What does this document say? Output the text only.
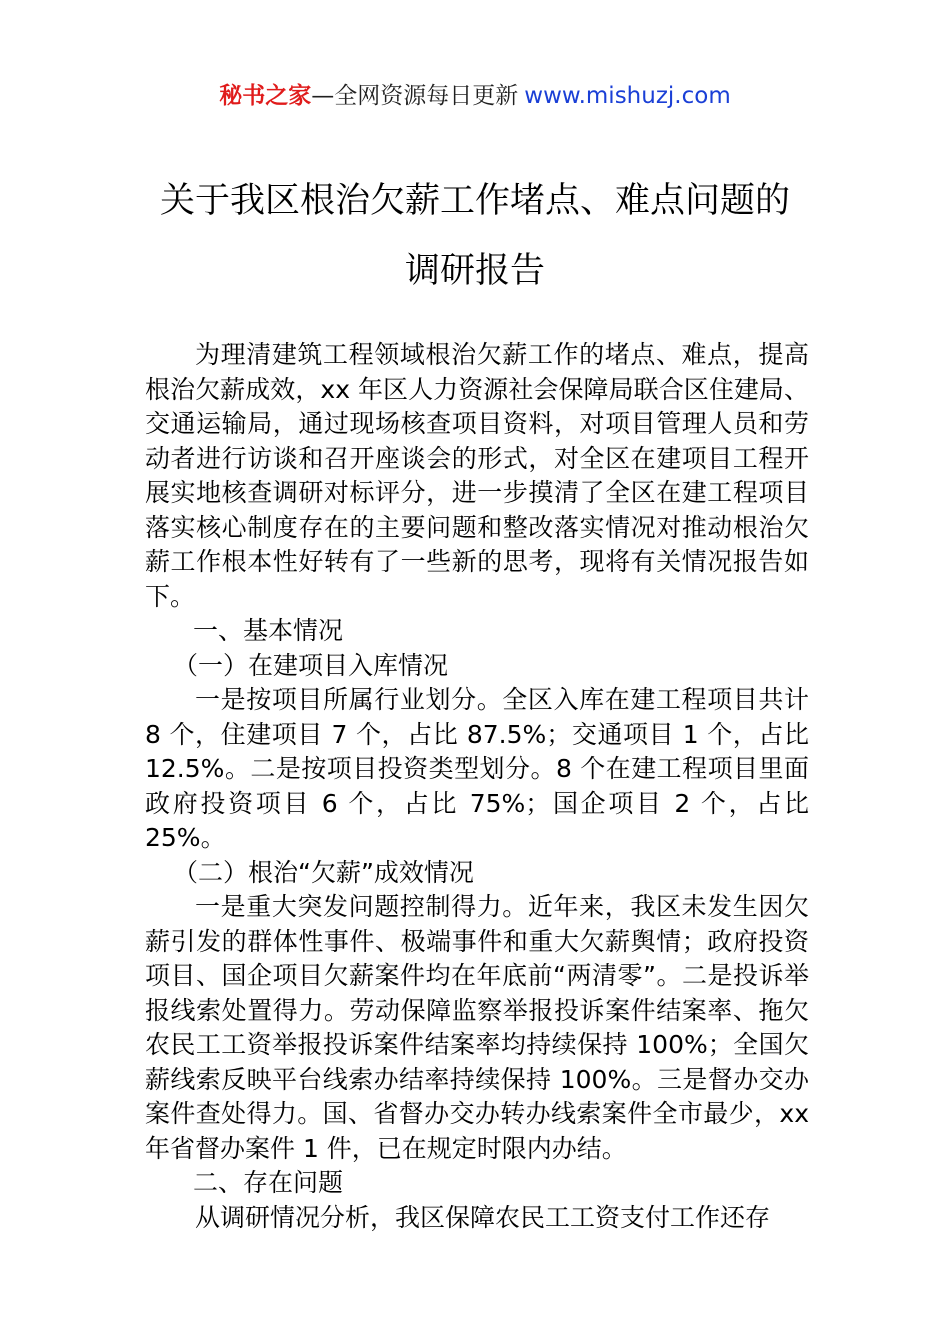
秘书之家—全网资源每日更新 www.mishuzj.com
关于我区根治欠薪工作堵点、难点问题的
调研报告

为理清建筑工程领域根治欠薪工作的堵点、难点，提高根治欠薪成效，xx 年区人力资源社会保障局联合区住建局、交通运输局，通过现场核查项目资料，对项目管理人员和劳动者进行访谈和召开座谈会的形式，对全区在建项目工程开展实地核查调研对标评分，进一步摸清了全区在建工程项目落实核心制度存在的主要问题和整改落实情况对推动根治欠薪工作根本性好转有了一些新的思考，现将有关情况报告如下。

一、基本情况

（一）在建项目入库情况

一是按项目所属行业划分。全区入库在建工程项目共计 8 个，住建项目 7 个，占比 87.5%；交通项目 1 个，占比 12.5%。二是按项目投资类型划分。8 个在建工程项目里面政府投资项目 6 个，占比 75%；国企项目 2 个，占比 25%。

（二）根治“欠薪”成效情况

一是重大突发问题控制得力。近年来，我区未发生因欠薪引发的群体性事件、极端事件和重大欠薪舆情；政府投资项目、国企项目欠薪案件均在年底前“两清零”。二是投诉举报线索处置得力。劳动保障监察举报投诉案件结案率、拖欠农民工工资举报投诉案件结案率均持续保持 100%；全国欠薪线索反映平台线索办结率持续保持 100%。三是督办交办案件查处得力。国、省督办交办转办线索案件全市最少，xx 年省督办案件 1 件，已在规定时限内办结。

二、存在问题

从调研情况分析，我区保障农民工工资支付工作还存
